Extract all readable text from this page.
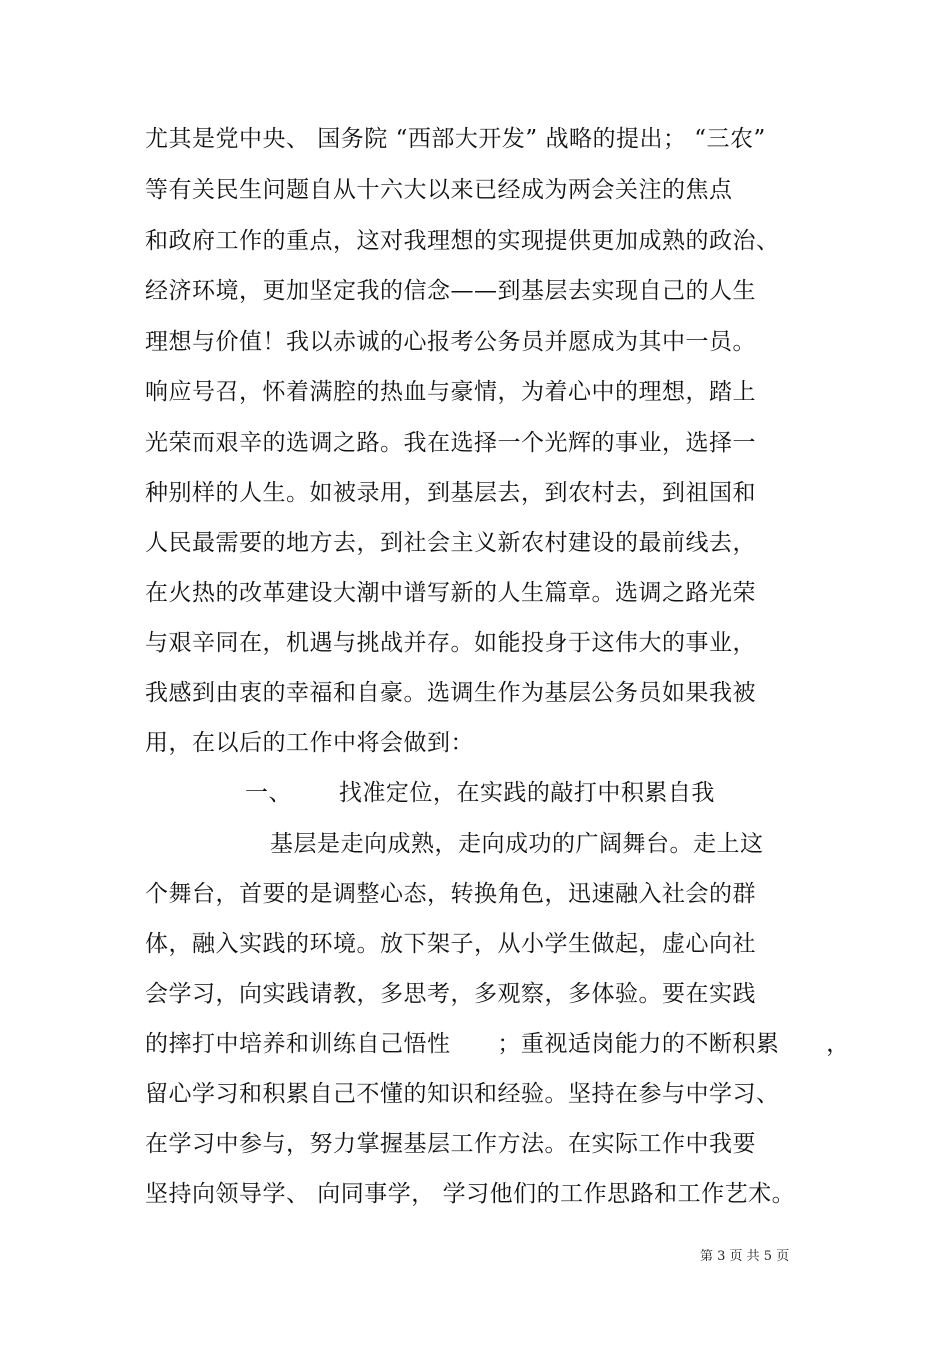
尤其是党中央、 国务院 “西部大开发” 战略的提出； “三农”
等有关民生问题自从十六大以来已经成为两会关注的焦点
和政府工作的重点，这对我理想的实现提供更加成熟的政治、
经济环境，更加坚定我的信念——到基层去实现自己的人生
理想与价值！我以赤诚的心报考公务员并愿成为其中一员。
响应号召，怀着满腔的热血与豪情，为着心中的理想，踏上
光荣而艰辛的选调之路。我在选择一个光辉的事业，选择一
种别样的人生。如被录用，到基层去，到农村去，到祖国和
人民最需要的地方去，到社会主义新农村建设的最前线去，
在火热的改革建设大潮中谱写新的人生篇章。选调之路光荣
与艰辛同在，机遇与挑战并存。如能投身于这伟大的事业，
我感到由衷的幸福和自豪。选调生作为基层公务员如果我被
用，在以后的工作中将会做到：
一、      找准定位，在实践的敲打中积累自我
基层是走向成熟，走向成功的广阔舞台。走上这
个舞台，首要的是调整心态，转换角色，迅速融入社会的群
体，融入实践的环境。放下架子，从小学生做起，虚心向社
会学习，向实践请教，多思考，多观察，多体验。要在实践
的摔打中培养和训练自己悟性      ；重视适岗能力的不断积累      ，
留心学习和积累自己不懂的知识和经验。坚持在参与中学习、
在学习中参与，努力掌握基层工作方法。在实际工作中我要
坚持向领导学、 向同事学， 学习他们的工作思路和工作艺术。
第 3 页 共 5 页
